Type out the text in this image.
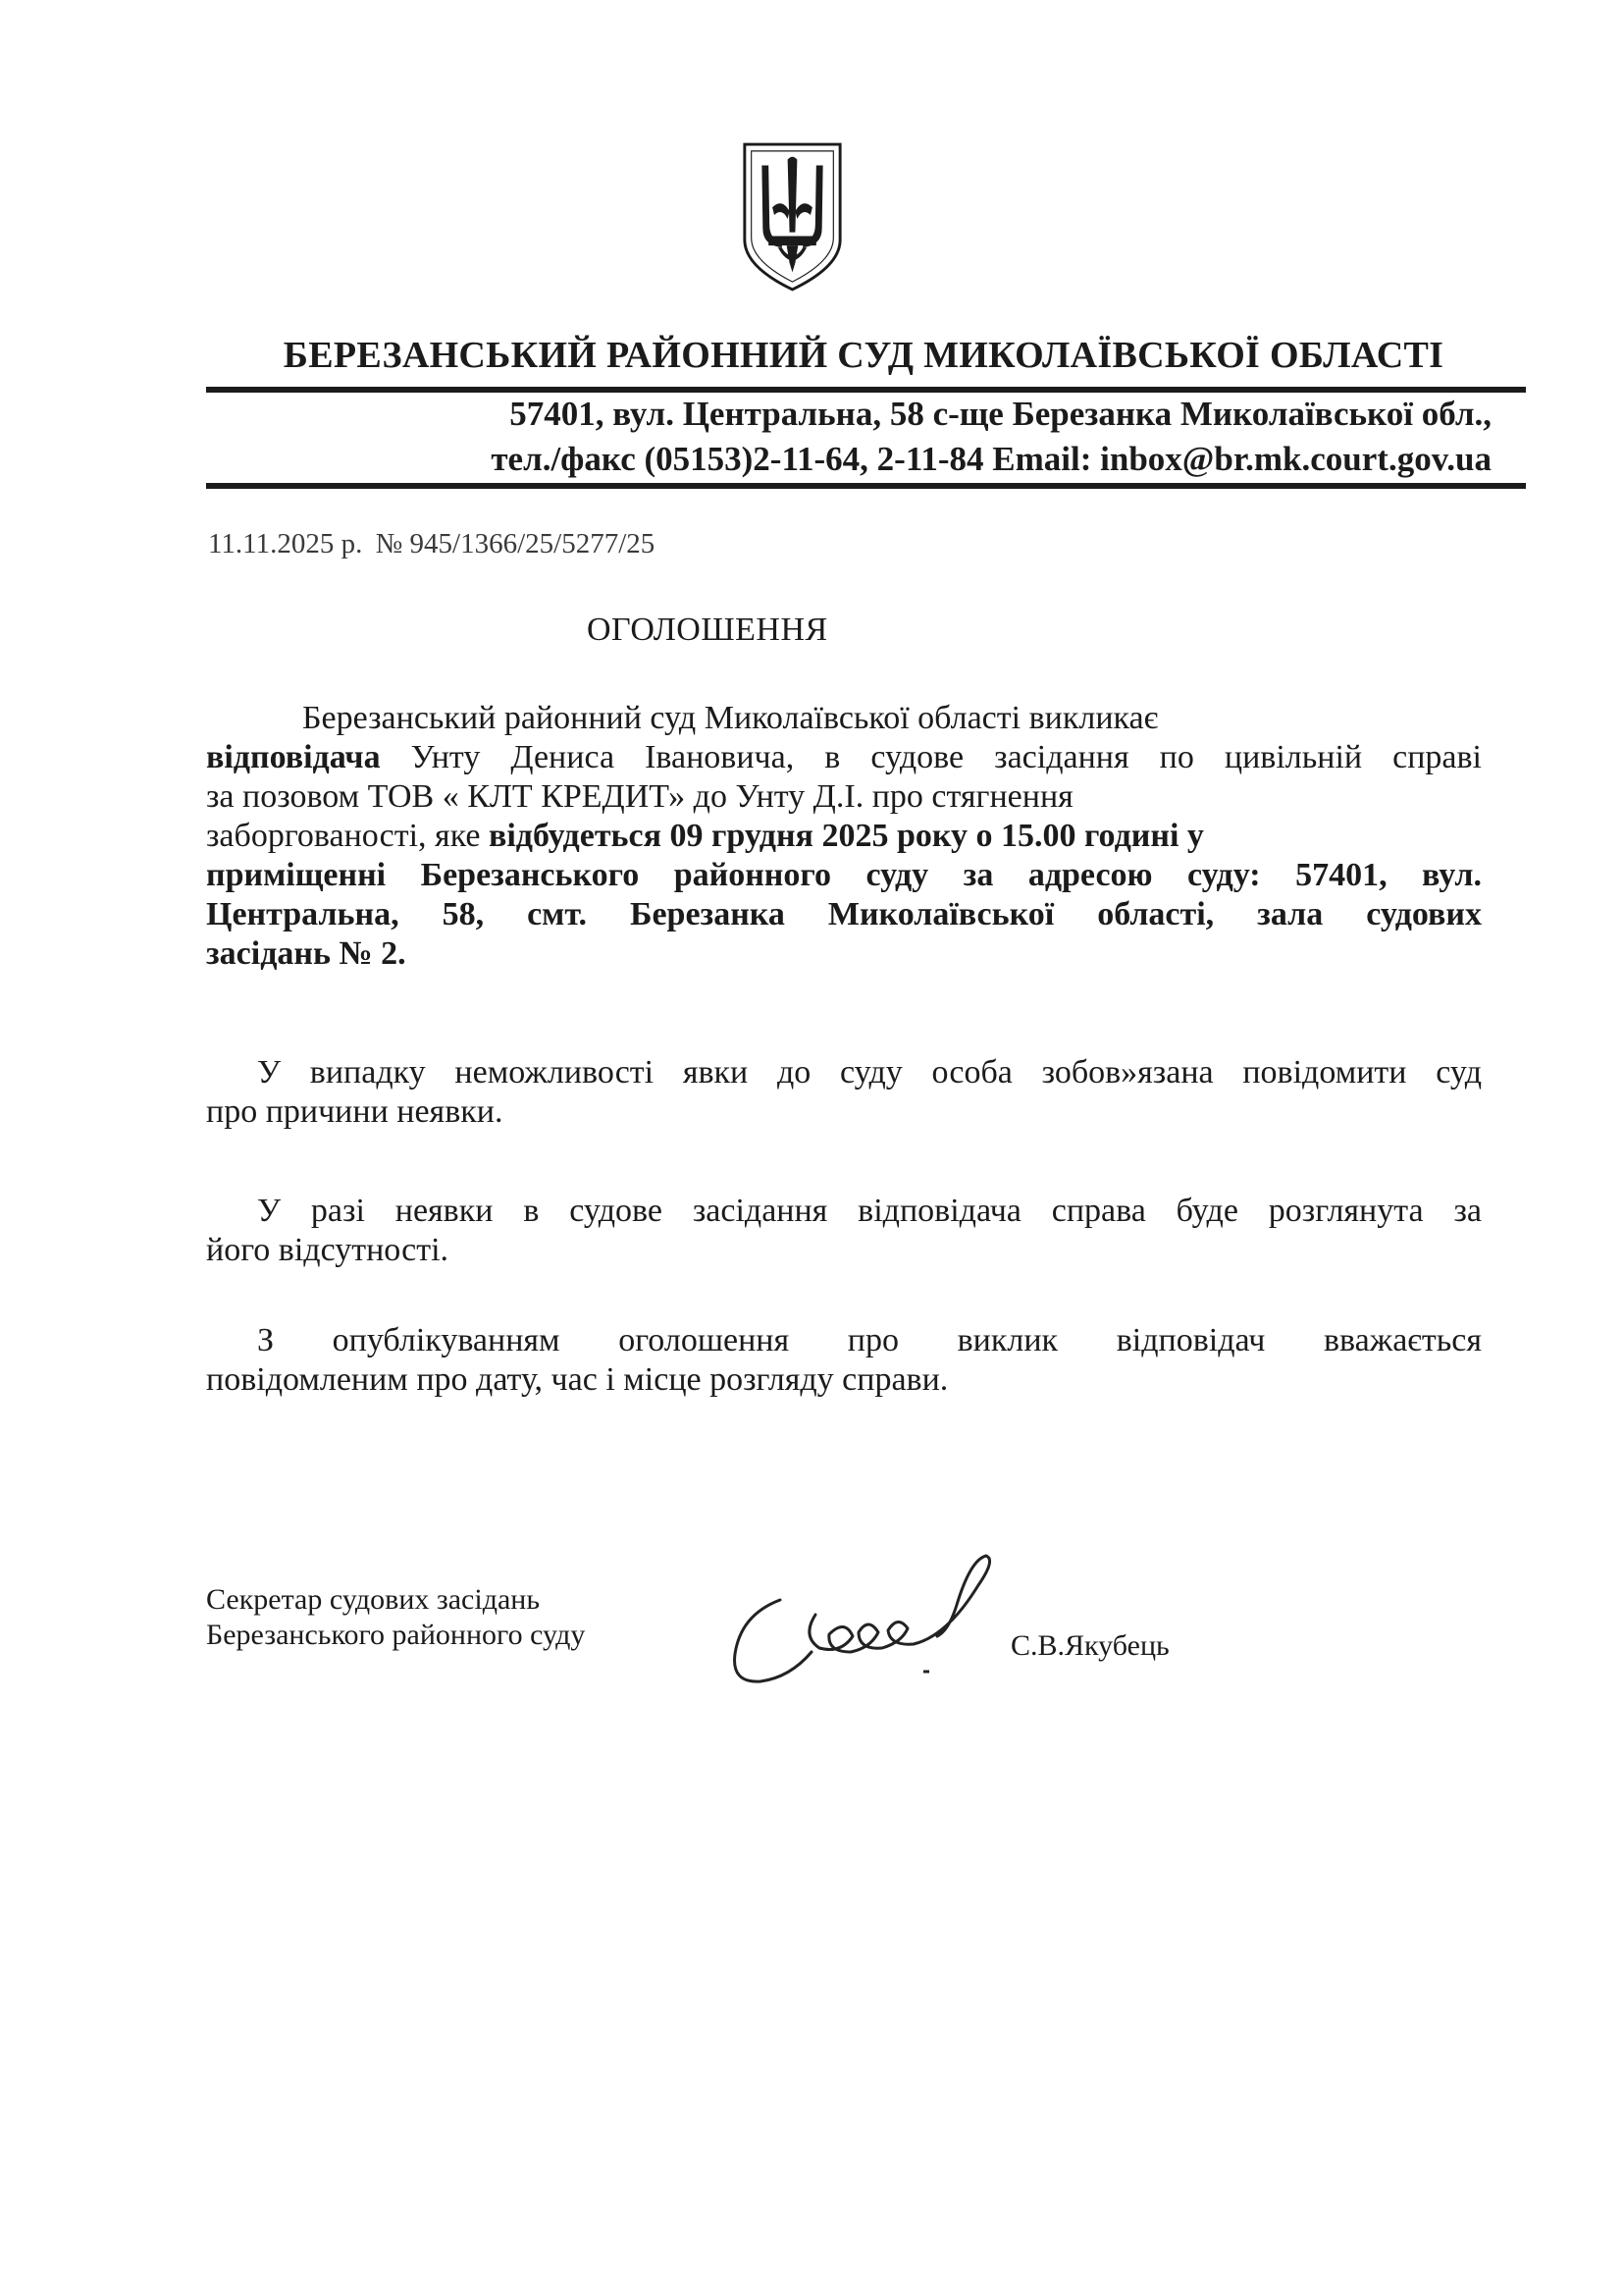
БЕРЕЗАНСЬКИЙ РАЙОННИЙ СУД МИКОЛАЇВСЬКОЇ ОБЛАСТІ
57401, вул. Центральна, 58 с-ще Березанка Миколаївської обл.,
тел./факс (05153)2-11-64, 2-11-84 Email: inbox@br.mk.court.gov.ua
11.11.2025 р. № 945/1366/25/5277/25
ОГОЛОШЕННЯ
Березанський районний суд Миколаївської області викликає
відповідача Унту Дениса Івановича, в судове засідання по цивільній справі
за позовом ТОВ « КЛТ КРЕДИТ» до Унту Д.І. про стягнення
заборгованості, яке відбудеться 09 грудня 2025 року о 15.00 годині у
приміщенні Березанського районного суду за адресою суду: 57401, вул.
Центральна, 58, смт. Березанка Миколаївської області, зала судових
засідань № 2.
У випадку неможливості явки до суду особа зобов»язана повідомити суд
про причини неявки.
У разі неявки в судове засідання відповідача справа буде розглянута за
його відсутності.
З опублікуванням оголошення про виклик відповідач вважається
повідомленим про дату, час і місце розгляду справи.
Секретар судових засідань
Березанського районного суду	С.В.Якубець
